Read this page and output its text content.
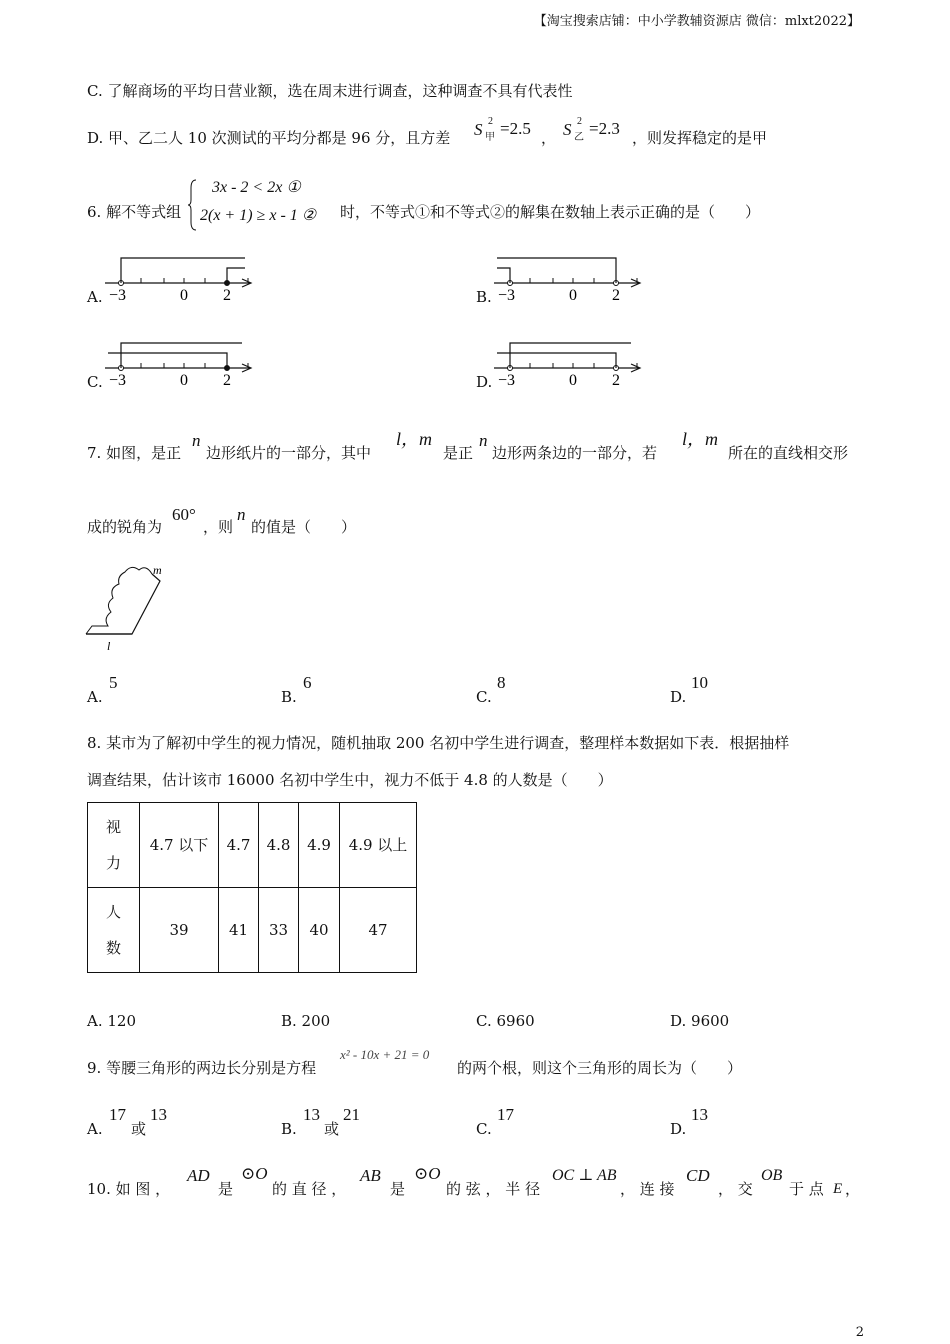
【淘宝搜索店铺：中小学教辅资源店 微信：mlxt2022】
C. 了解商场的平均日营业额，选在周末进行调查，这种调查不具有代表性
D. 甲、乙二人 10 次测试的平均分都是 96 分，且方差 S 2
甲 =2.5 ， S 2
乙 =2.3 ，则发挥稳定的是甲
6. 解不等式组
3x - 2 < 2x ①
2(x + 1) ≥ x - 1 ② 时，不等式①和不等式②的解集在数轴上表示正确的是（　　）
A. −3	0 2	B. −3	0 2
C. −3	0 2	D. −3	0 2
7. 如图，是正
n
边形纸片的一部分，其中
l，m
是正
n
边形两条边的一部分，若
l，m
所在的直线相交形
成的锐角为
60°
，则
n
的值是（　　）
l
m
A.
5
B.
6
C.
8
D.
10
8. 某市为了解初中学生的视力情况，随机抽取 200 名初中学生进行调查，整理样本数据如下表．根据抽样
调查结果，估计该市 16000 名初中学生中，视力不低于 4.8 的人数是（　　）
视
力	4.7 以下	4.7	4.8	4.9	4.9 以上

人
数	39	41	33	40	47
A. 120	B. 200	C. 6960	D. 9600
9. 等腰三角形的两边长分别是方程
x² - 10x + 21 = 0
的两个根，则这个三角形的周长为（　　）
A.
17
或
13
B.
13
或
21
C.
17
D.
13
10. 如 图 ，
AD
是
⊙O
的 直 径 ，
AB
是
⊙O
的 弦 ， 半 径
OC ⊥ AB
， 连 接
CD
， 交
OB
于 点 E ，
2
